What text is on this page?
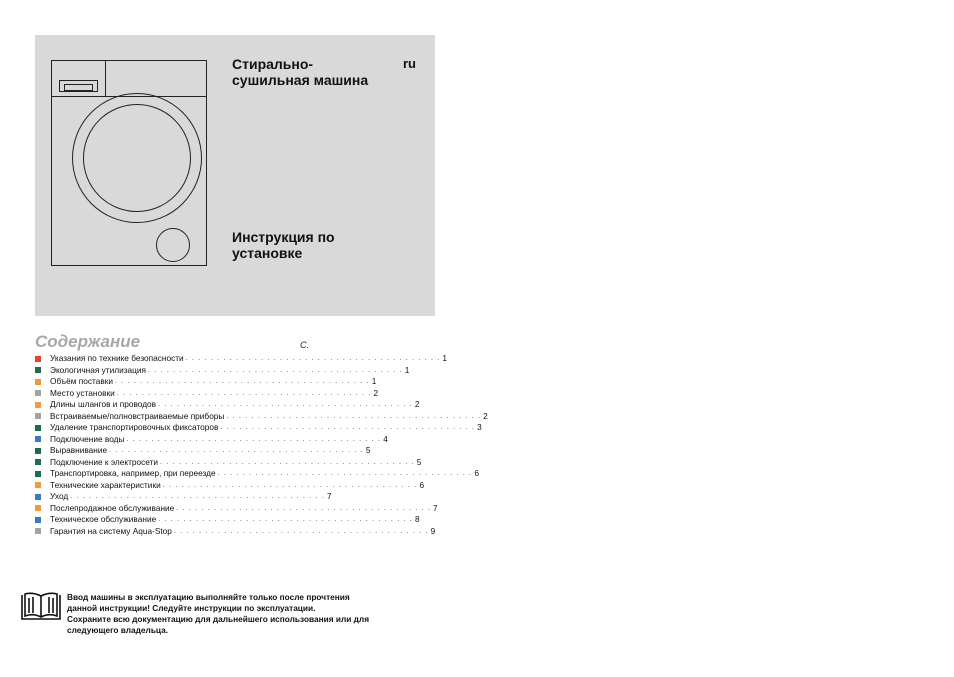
Стирально-
сушильная машина
ru
Инструкция по
установке
Содержание	С.
Указания по технике безопасности . . . . . . . . . . . . . . . . . . . . . . . . . . . . . . . . . . . . . . . . . 1
Экологичная утилизация . . . . . . . . . . . . . . . . . . . . . . . . . . . . . . . . . . . . . . . . . 1
Объём поставки . . . . . . . . . . . . . . . . . . . . . . . . . . . . . . . . . . . . . . . . . 1
Место установки . . . . . . . . . . . . . . . . . . . . . . . . . . . . . . . . . . . . . . . . . 2
Длины шлангов и проводов . . . . . . . . . . . . . . . . . . . . . . . . . . . . . . . . . . . . . . . . . 2
Встраиваемые/полновстраиваемые приборы . . . . . . . . . . . . . . . . . . . . . . . . . . . . . . . . . . . . . . . . . 2
Удаление транспортировочных фиксаторов . . . . . . . . . . . . . . . . . . . . . . . . . . . . . . . . . . . . . . . . . 3
Подключение воды . . . . . . . . . . . . . . . . . . . . . . . . . . . . . . . . . . . . . . . . . 4
Выравнивание . . . . . . . . . . . . . . . . . . . . . . . . . . . . . . . . . . . . . . . . . 5
Подключение к электросети . . . . . . . . . . . . . . . . . . . . . . . . . . . . . . . . . . . . . . . . . 5
Транспортировка, например, при переезде . . . . . . . . . . . . . . . . . . . . . . . . . . . . . . . . . . . . . . . . . 6
Технические характеристики . . . . . . . . . . . . . . . . . . . . . . . . . . . . . . . . . . . . . . . . . 6
Уход . . . . . . . . . . . . . . . . . . . . . . . . . . . . . . . . . . . . . . . . . 7
Послепродажное обслуживание . . . . . . . . . . . . . . . . . . . . . . . . . . . . . . . . . . . . . . . . . 7
Техническое обслуживание . . . . . . . . . . . . . . . . . . . . . . . . . . . . . . . . . . . . . . . . . 8
Гарантия на систему Aqua-Stop . . . . . . . . . . . . . . . . . . . . . . . . . . . . . . . . . . . . . . . . . 9
Ввод машины в эксплуатацию выполняйте только после прочтения
данной инструкции! Следуйте инструкции по эксплуатации.
Сохраните всю документацию для дальнейшего использования или для
следующего владельца.
